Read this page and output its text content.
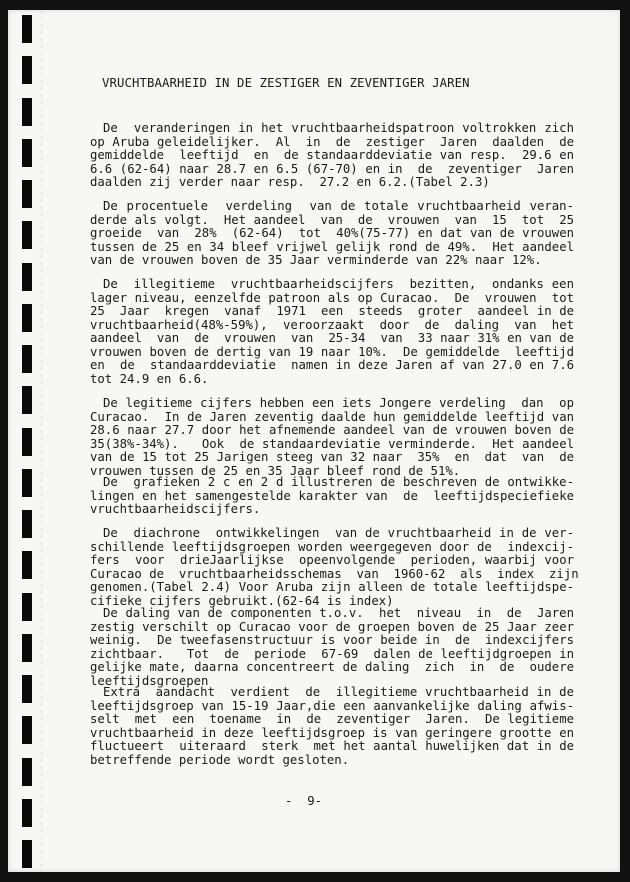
VRUCHTBAARHEID IN DE ZESTIGER EN ZEVENTIGER JAREN
De  veranderingen in het vruchtbaarheidspatroon voltrokken zich
op Aruba geleidelijker.  Al  in  de  zestiger  Jaren  daalden  de
gemiddelde  leeftijd  en  de standaarddeviatie van resp.  29.6 en
6.6 (62-64) naar 28.7 en 6.5 (67-70) en in  de  zeventiger  Jaren
daalden zij verder naar resp.  27.2 en 6.2.(Tabel 2.3)
De procentuele  verdeling  van de totale vruchtbaarheid veran-
derde als volgt.  Het aandeel  van  de  vrouwen  van  15  tot  25
groeide  van  28%  (62-64)  tot  40%(75-77) en dat van de vrouwen
tussen de 25 en 34 bleef vrijwel gelijk rond de 49%.  Het aandeel
van de vrouwen boven de 35 Jaar verminderde van 22% naar 12%.
De  illegitieme  vruchtbaarheidscijfers  bezitten,  ondanks een
lager niveau, eenzelfde patroon als op Curacao.  De  vrouwen  tot
25  Jaar  kregen  vanaf  1971  een  steeds  groter  aandeel in de
vruchtbaarheid(48%-59%),  veroorzaakt  door  de  daling  van  het
aandeel  van  de  vrouwen  van  25-34  van  33 naar 31% en van de
vrouwen boven de dertig van 19 naar 10%.  De gemiddelde  leeftijd
en  de  standaarddeviatie  namen in deze Jaren af van 27.0 en 7.6
tot 24.9 en 6.6.
De legitieme cijfers hebben een iets Jongere verdeling  dan  op
Curacao.  In de Jaren zeventig daalde hun gemiddelde leeftijd van
28.6 naar 27.7 door het afnemende aandeel van de vrouwen boven de
35(38%-34%).   Ook  de standaardeviatie verminderde.  Het aandeel
van de 15 tot 25 Jarigen steeg van 32 naar  35%  en  dat  van  de
vrouwen tussen de 25 en 35 Jaar bleef rond de 51%.
De  grafieken 2 c en 2 d illustreren de beschreven de ontwikke-
lingen en het samengestelde karakter van  de  leeftijdspeciefieke
vruchtbaarheidscijfers.
De  diachrone  ontwikkelingen  van de vruchtbaarheid in de ver-
schillende leeftijdsgroepen worden weergegeven door de  indexcij-
fers  voor  drieJaarlijkse  opeenvolgende  perioden, waarbij voor
Curacao de  vruchtbaarheidsschemas  van  1960-62  als  index  zijn
genomen.(Tabel 2.4) Voor Aruba zijn alleen de totale leeftijdspe-
cifieke cijfers gebruikt.(62-64 is index)
De daling van de componenten t.o.v.  het  niveau  in  de  Jaren
zestig verschilt op Curacao voor de groepen boven de 25 Jaar zeer
weinig.  De tweefasenstructuur is voor beide in  de  indexcijfers
zichtbaar.   Tot  de  periode  67-69  dalen de leeftijdgroepen in
gelijke mate, daarna concentreert de daling  zich  in  de  oudere
leeftijdsgroepen
Extra  aandacht  verdient  de  illegitieme vruchtbaarheid in de
leeftijdsgroep van 15-19 Jaar,die een aanvankelijke daling afwis-
selt  met  een  toename  in  de  zeventiger  Jaren.  De legitieme
vruchtbaarheid in deze leeftijdsgroep is van geringere grootte en
fluctueert  uiteraard  sterk  met het aantal huwelijken dat in de
betreffende periode wordt gesloten.
-  9-
